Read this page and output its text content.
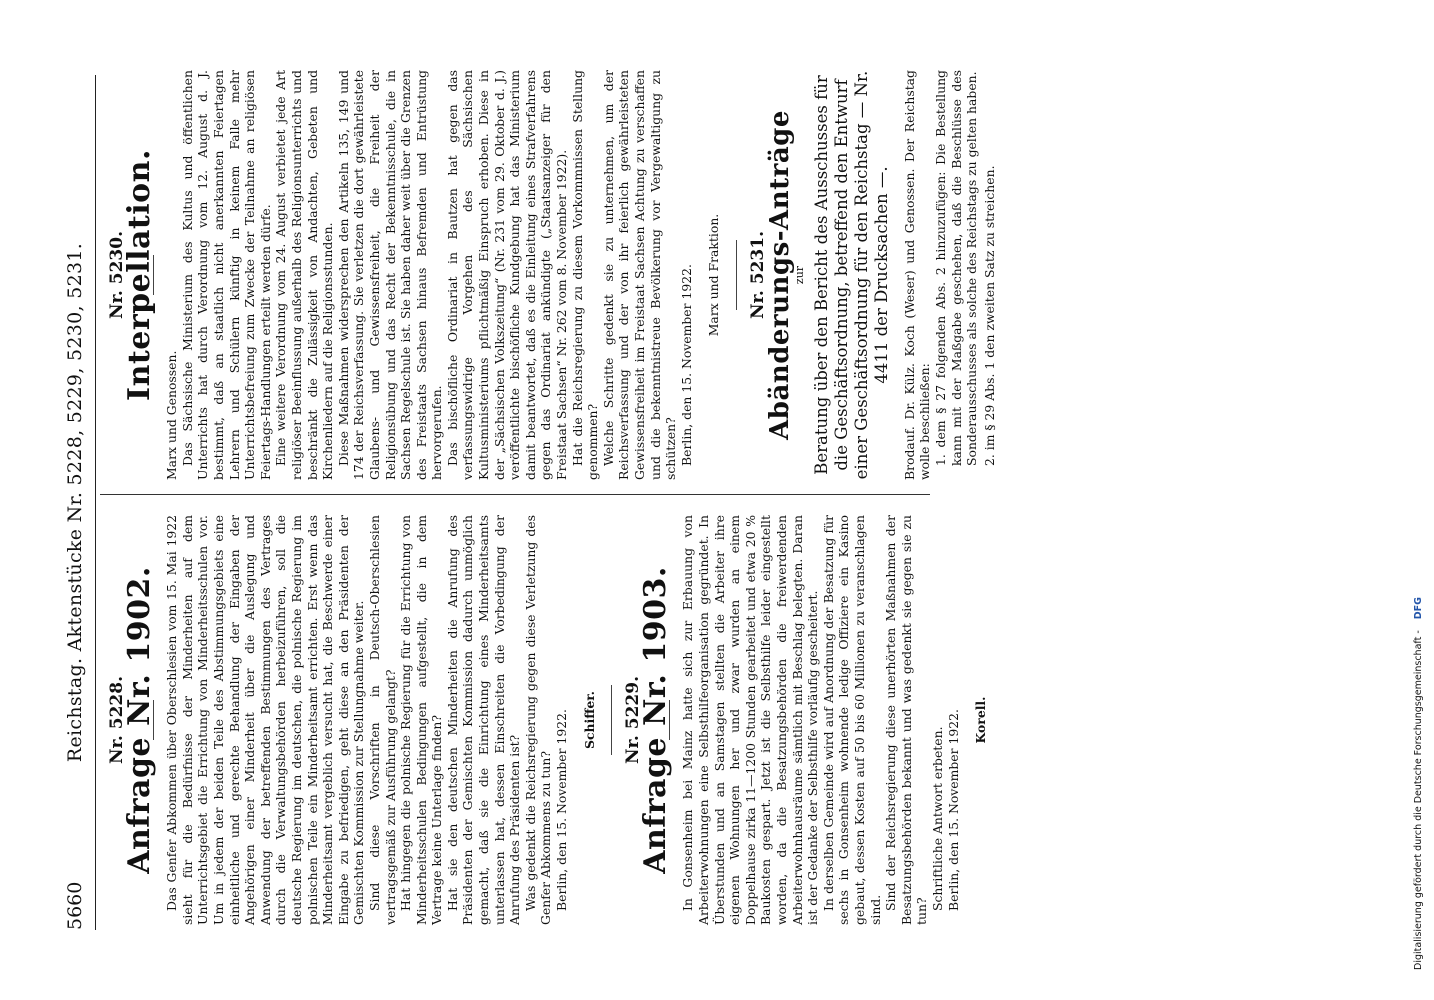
5660
Reichstag. Aktenstücke Nr. 5228, 5229, 5230, 5231. Nr. 5228.
Anfrage Nr. 1902. Das Genfer Abkommen über Oberschlesien vom 15. Mai 1922 sieht für die Bedürfnisse der Minderheiten auf dem Unterrichtsgebiet die Errichtung von Minderheitsschulen vor. Um in jedem der beiden Teile des Abstimmungsgebiets eine einheitliche und gerechte Behandlung der Eingaben der Angehörigen einer Minderheit über die Auslegung und Anwendung der betreffenden Bestimmungen des Vertrages durch die Verwaltungsbehörden herbeizuführen, soll die deutsche Regierung im deutschen, die polnische Regierung im polnischen Teile ein Minderheitsamt errichten. Erst wenn das Minderheitsamt vergeblich versucht hat, die Beschwerde einer Eingabe zu befriedigen, geht diese an den Präsidenten der Gemischten Kommission zur Stellungnahme weiter. Sind diese Vorschriften in Deutsch-Oberschlesien vertragsgemäß zur Ausführung gelangt? Hat hingegen die polnische Regierung für die Errichtung von Minderheitsschulen Bedingungen aufgestellt, die in dem Vertrage keine Unterlage finden? Hat sie den deutschen Minderheiten die Anrufung des Präsidenten der Gemischten Kommission dadurch unmöglich gemacht, daß sie die Einrichtung eines Minderheitsamts unterlassen hat, dessen Einschreiten die Vorbedingung der Anrufung des Präsidenten ist? Was gedenkt die Reichsregierung gegen diese Verletzung des Genfer Abkommens zu tun? Berlin, den 15. November 1922. Schiffer. Nr. 5229.
Anfrage Nr. 1903. In Gonsenheim bei Mainz hatte sich zur Erbauung von Arbeiterwohnungen eine Selbsthilfeorganisation gegründet. In Überstunden und an Samstagen stellten die Arbeiter ihre eigenen Wohnungen her und zwar wurden an einem Doppelhause zirka 11—1200 Stunden gearbeitet und etwa 20 % Baukosten gespart. Jetzt ist die Selbsthilfe leider eingestellt worden, da die Besatzungsbehörden die freiwerdenden Arbeiterwohnhausräume sämtlich mit Beschlag belegten. Daran ist der Gedanke der Selbsthilfe vorläufig gescheitert. In derselben Gemeinde wird auf Anordnung der Besatzung für sechs in Gonsenheim wohnende ledige Offiziere ein Kasino gebaut, dessen Kosten auf 50 bis 60 Millionen zu veranschlagen sind. Sind der Reichsregierung diese unerhörten Maßnahmen der Besatzungsbehörden bekannt und was gedenkt sie gegen sie zu tun?

Schriftliche Antwort erbeten. Berlin, den 15. November 1922. Korell.
Nr. 5230.
Interpellation.

Marx und Genossen. Das Sächsische Ministerium des Kultus und öffentlichen Unterrichts hat durch Verordnung vom 12. August d. J. bestimmt, daß an staatlich nicht anerkannten Feiertagen Lehrern und Schülern künftig in keinem Falle mehr Unterrichtsbefreiung zum Zwecke der Teilnahme an religiösen Feiertags-Handlungen erteilt werden dürfe. Eine weitere Verordnung vom 24. August verbietet jede Art religiöser Beeinflussung außerhalb des Religionsunterrichts und beschränkt die Zulässigkeit von Andachten, Gebeten und Kirchenliedern auf die Religionsstunden. Diese Maßnahmen widersprechen den Artikeln 135, 149 und 174 der Reichsverfassung. Sie verletzen die dort gewährleistete Glaubens- und Gewissensfreiheit, die Freiheit der Religionsübung und das Recht der Bekenntnisschule, die in Sachsen Regelschule ist. Sie haben daher weit über die Grenzen des Freistaats Sachsen hinaus Befremden und Entrüstung hervorgerufen. Das bischöfliche Ordinariat in Bautzen hat gegen das verfassungswidrige Vorgehen des Sächsischen Kultusministeriums pflichtmäßig Einspruch erhoben. Diese in der „Sächsischen Volkszeitung“ (Nr. 231 vom 29. Oktober d. J.) veröffentlichte bischöfliche Kundgebung hat das Ministerium damit beantwortet, daß es die Einleitung eines Strafverfahrens gegen das Ordinariat ankündigte („Staatsanzeiger für den Freistaat Sachsen“ Nr. 262 vom 8. November 1922). Hat die Reichsregierung zu diesem Vorkommnissen Stellung genommen? Welche Schritte gedenkt sie zu unternehmen, um der Reichsverfassung und der von ihr feierlich gewährleisteten Gewissensfreiheit im Freistaat Sachsen Achtung zu verschaffen und die bekenntnistreue Bevölkerung vor Vergewaltigung zu schützen? Berlin, den 15. November 1922. Marx und Fraktion. Nr. 5231.
Abänderungs-Anträge
zur Beratung über den Bericht des Ausschusses für die Geschäftsordnung, betreffend den Entwurf einer Geschäftsordnung für den Reichstag — Nr. 4411 der Drucksachen —. Brodauf. Dr. Külz. Koch (Weser) und Genossen. Der Reichstag wolle beschließen: 1. dem § 27 folgenden Abs. 2 hinzuzufügen: Die Bestellung kann mit der Maßgabe geschehen, daß die Beschlüsse des Sonderausschusses als solche des Reichstags zu gelten haben. 2. im § 29 Abs. 1 den zweiten Satz zu streichen.

Digitalisierung gefördert durch die Deutsche Forschungsgemeinschaft - DFG
